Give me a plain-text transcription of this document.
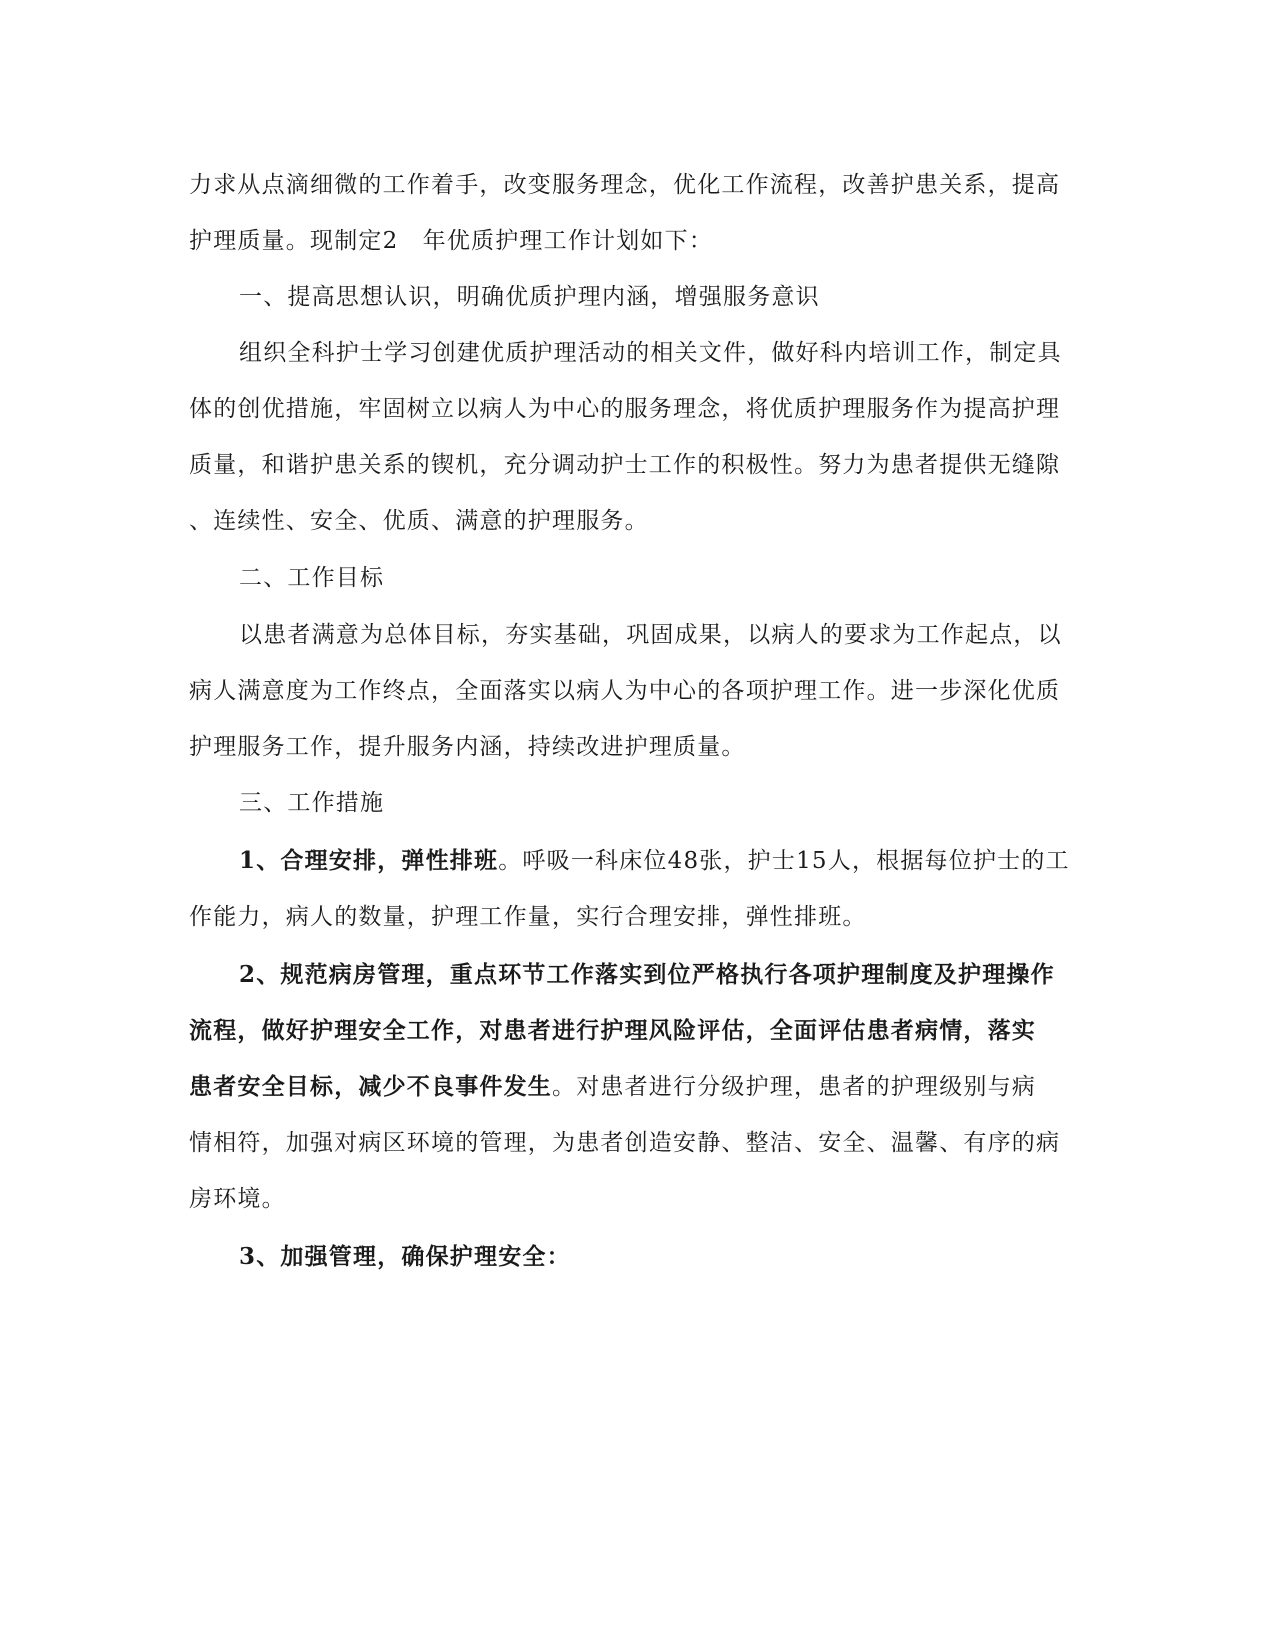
力求从点滴细微的工作着手，改变服务理念，优化工作流程，改善护患关系，提高
护理质量。现制定2　年优质护理工作计划如下：
一、提高思想认识，明确优质护理内涵，增强服务意识
组织全科护士学习创建优质护理活动的相关文件，做好科内培训工作，制定具
体的创优措施，牢固树立以病人为中心的服务理念，将优质护理服务作为提高护理
质量，和谐护患关系的锲机，充分调动护士工作的积极性。努力为患者提供无缝隙
、连续性、安全、优质、满意的护理服务。
二、工作目标
以患者满意为总体目标，夯实基础，巩固成果，以病人的要求为工作起点，以
病人满意度为工作终点，全面落实以病人为中心的各项护理工作。进一步深化优质
护理服务工作，提升服务内涵，持续改进护理质量。
三、工作措施
1、合理安排，弹性排班。呼吸一科床位48张，护士15人，根据每位护士的工
作能力，病人的数量，护理工作量，实行合理安排，弹性排班。
2、规范病房管理，重点环节工作落实到位严格执行各项护理制度及护理操作
流程，做好护理安全工作，对患者进行护理风险评估，全面评估患者病情，落实
患者安全目标，减少不良事件发生。对患者进行分级护理，患者的护理级别与病
情相符，加强对病区环境的管理，为患者创造安静、整洁、安全、温馨、有序的病
房环境。
3、加强管理，确保护理安全：
